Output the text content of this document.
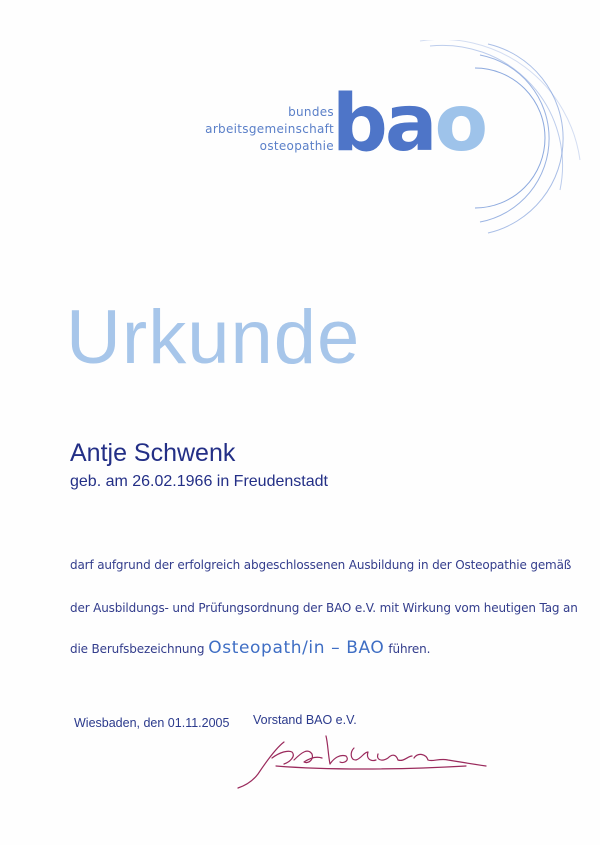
bundes
arbeitsgemeinschaft
osteopathie
bao
Urkunde
Antje Schwenk
geb. am 26.02.1966 in Freudenstadt
darf aufgrund der erfolgreich abgeschlossenen Ausbildung in der Osteopathie gemäß
der Ausbildungs- und Prüfungsordnung der BAO e.V. mit Wirkung vom heutigen Tag an
die Berufsbezeichnung Osteopath/in – BAO führen.
Wiesbaden, den 01.11.2005 Vorstand BAO e.V.
